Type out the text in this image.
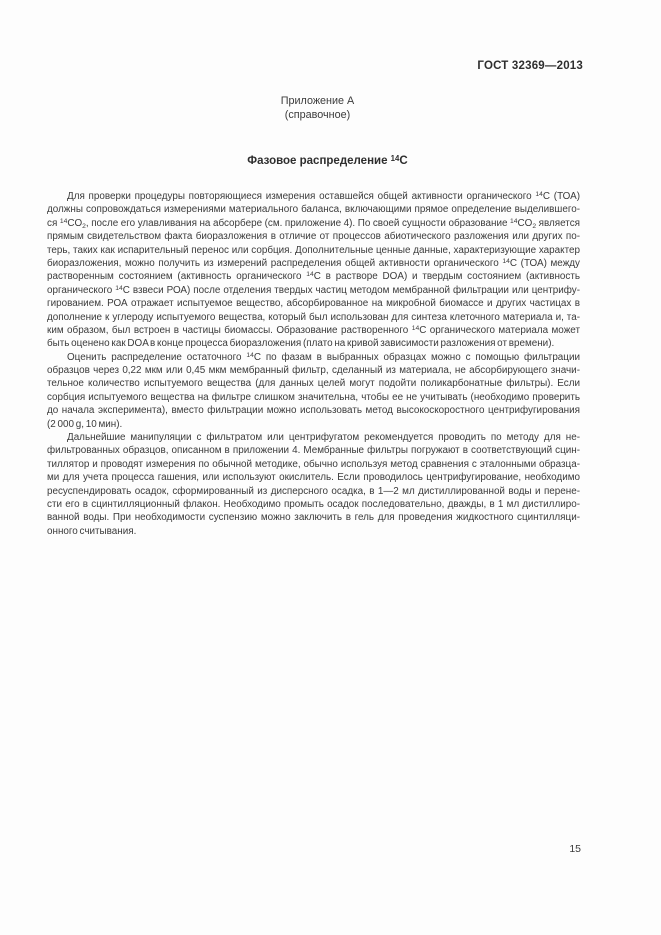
ГОСТ 32369—2013
Приложение А
(справочное)
Фазовое распределение $^{14}$C
Для проверки процедуры повторяющиеся измерения оставшейся общей активности органического $^{14}$C (ТОА)
должны сопровождаться измерениями материального баланса, включающими прямое определение выделившего-
ся $^{14}CO_2$, после его улавливания на абсорбере (см. приложение 4). По своей сущности образование $^{14}CO_2$ является
прямым свидетельством факта биоразложения в отличие от процессов абиотического разложения или других по-
терь, таких как испарительный перенос или сорбция. Дополнительные ценные данные, характеризующие характер
биоразложения, можно получить из измерений распределения общей активности органического $^{14}$C (ТОА) между
растворенным состоянием (активность органического $^{14}$C в растворе DOA) и твердым состоянием (активность
органического $^{14}$C взвеси РОА) после отделения твердых частиц методом мембранной фильтрации или центрифу-
гированием. РОА отражает испытуемое вещество, абсорбированное на микробной биомассе и других частицах в
дополнение к углероду испытуемого вещества, который был использован для синтеза клеточного материала и, та-
ким образом, был встроен в частицы биомассы. Образование растворенного $^{14}$C органического материала может
быть оценено как DOA в конце процесса биоразложения (плато на кривой зависимости разложения от времени).
Оценить распределение остаточного $^{14}$C по фазам в выбранных образцах можно с помощью фильтрации
образцов через 0,22 мкм или 0,45 мкм мембранный фильтр, сделанный из материала, не абсорбирующего значи-
тельное количество испытуемого вещества (для данных целей могут подойти поликарбонатные фильтры). Если
сорбция испытуемого вещества на фильтре слишком значительна, чтобы ее не учитывать (необходимо проверить
до начала эксперимента), вместо фильтрации можно использовать метод высокоскоростного центрифугирования
(2 000 g, 10 мин).
Дальнейшие манипуляции с фильтратом или центрифугатом рекомендуется проводить по методу для не-
фильтрованных образцов, описанном в приложении 4. Мембранные фильтры погружают в соответствующий сцин-
тиллятор и проводят измерения по обычной методике, обычно используя метод сравнения с эталонными образца-
ми для учета процесса гашения, или используют окислитель. Если проводилось центрифугирование, необходимо
ресуспендировать осадок, сформированный из дисперсного осадка, в 1—2 мл дистиллированной воды и перене-
сти его в сцинтилляционный флакон. Необходимо промыть осадок последовательно, дважды, в 1 мл дистиллиро-
ванной воды. При необходимости суспензию можно заключить в гель для проведения жидкостного сцинтилляци-
онного считывания.
15
